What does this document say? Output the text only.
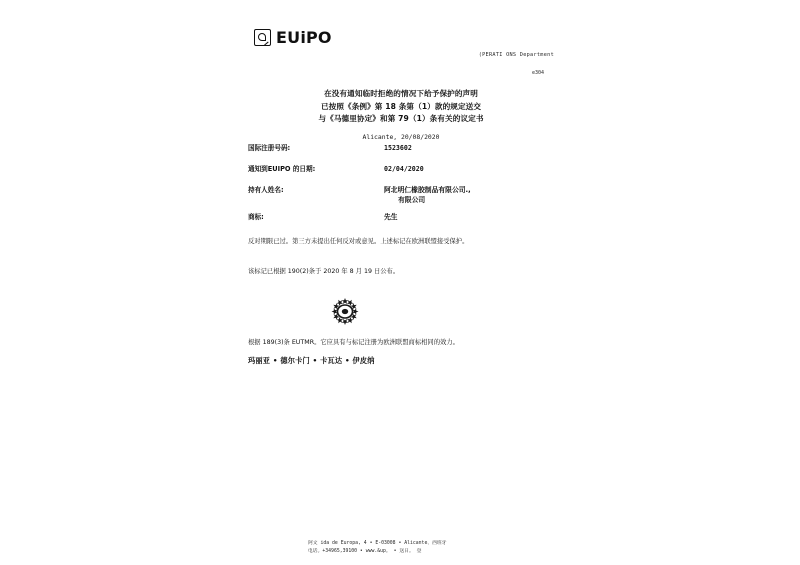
EUiPO
(PERATI ONS Department
e304
在没有通知临时拒绝的情况下给予保护的声明
已按照《条例》第 18 条第（1）款的规定送交
与《马德里协定》和第 79（1）条有关的议定书
Alicante, 20/08/2020
国际注册号码:	1523602
通知到EUIPO 的日期:	02/04/2020
持有人姓名:	阿北明仁橡胶制品有限公司.,
有限公司
商标:	先生
反对期限已过。第三方未提出任何反对或意见。上述标记在欧洲联盟接受保护。
该标记已根据 190(2)条于 2020 年 8 月 19 日公布。
根据 189(3)条 EUTMR。它应具有与标记注册为欧洲联盟商标相同的效力。
玛丽亚 • 德尔卡门 • 卡瓦达 • 伊皮纳
阿文 ida de Europa, 4 • E-03008 • Alicante、西班牙
电话。+34965,39100 • www.&up。 • 送日。 登
